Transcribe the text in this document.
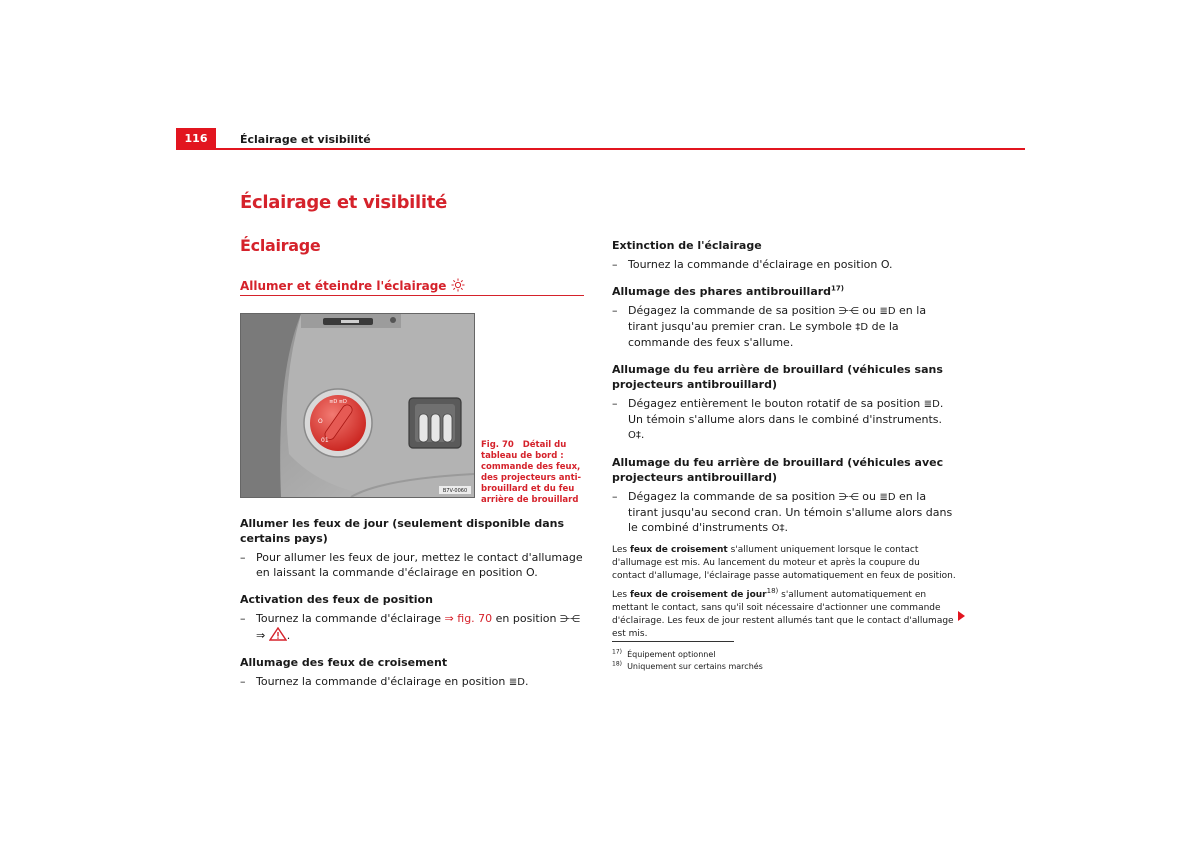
116	Éclairage et visibilité
Éclairage et visibilité
Éclairage
Allumer et éteindre l'éclairage
≡D ≡D
O
01
B7V-0060
Fig. 70 Détail du tableau de bord : commande des feux, des projecteurs anti-brouillard et du feu arrière de brouillard

Allumer les feux de jour (seulement disponible dans certains pays)

– Pour allumer les feux de jour, mettez le contact d'allumage en laissant la commande d'éclairage en position O.

Activation des feux de position

– Tournez la commande d'éclairage ⇒ fig. 70 en position ⋺⋲
⇒ .

Allumage des feux de croisement

– Tournez la commande d'éclairage en position ≣D.

Extinction de l'éclairage

– Tournez la commande d'éclairage en position O.

Allumage des phares antibrouillard$^{17)}$

– Dégagez la commande de sa position ⋺⋲ ou ≣D en la tirant jusqu'au premier cran. Le symbole ‡D de la commande des feux s'allume.

Allumage du feu arrière de brouillard (véhicules sans projecteurs antibrouillard)

– Dégagez entièrement le bouton rotatif de sa position ≣D. Un témoin s'allume alors dans le combiné d'instruments. O‡.

Allumage du feu arrière de brouillard (véhicules avec projecteurs antibrouillard)

– Dégagez la commande de sa position ⋺⋲ ou ≣D en la tirant jusqu'au second cran. Un témoin s'allume alors dans le combiné d'instruments O‡.

Les feux de croisement s'allument uniquement lorsque le contact d'allumage est mis. Au lancement du moteur et après la coupure du contact d'allumage, l'éclairage passe automatiquement en feux de position.

Les feux de croisement de jour$^{18)}$ s'allument automatiquement en mettant le contact, sans qu'il soit nécessaire d'actionner une commande d'éclairage. Les feux de jour restent allumés tant que le contact d'allumage est mis.

$^{17)}$ Équipement optionnel
$^{18)}$ Uniquement sur certains marchés
